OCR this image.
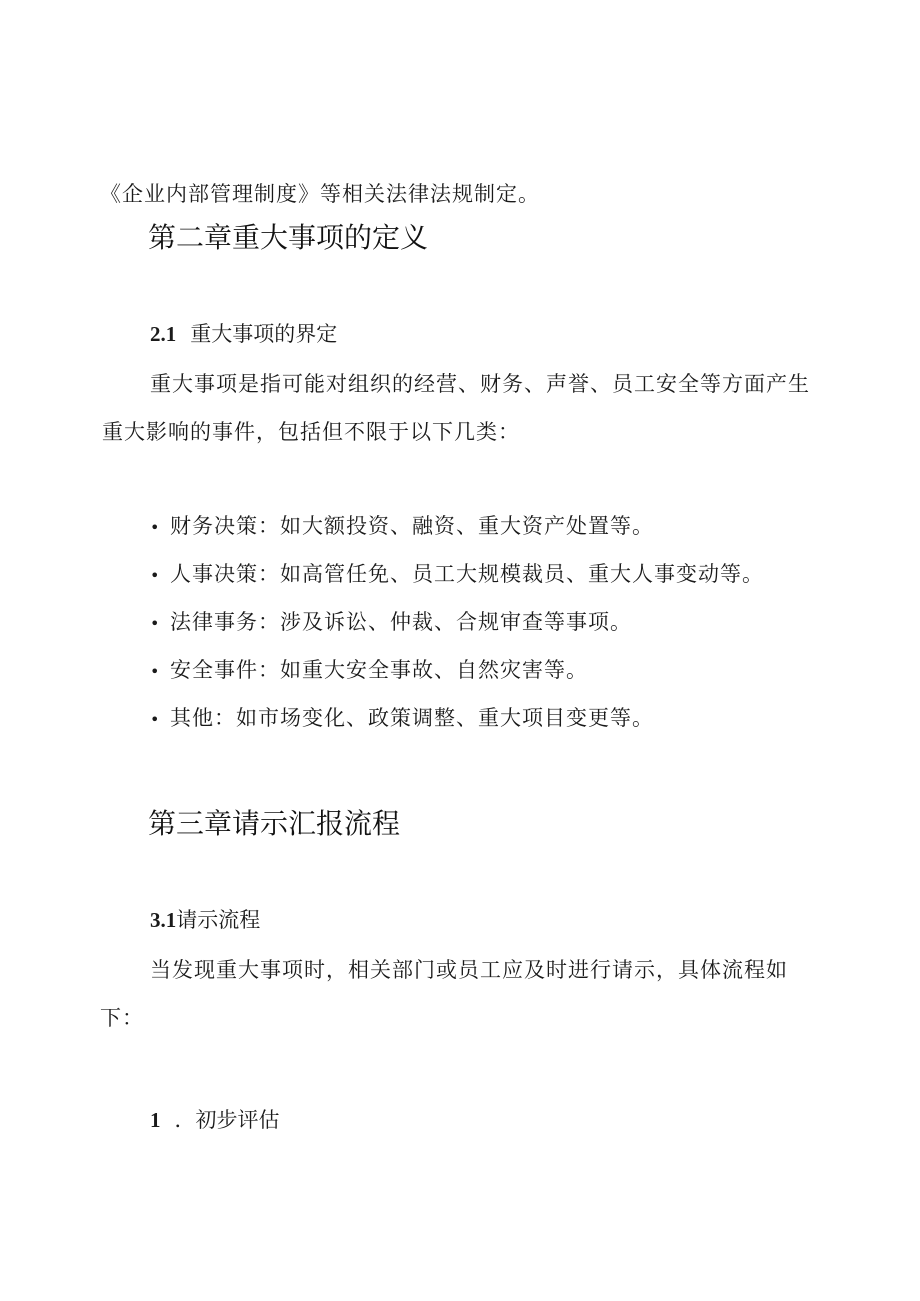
《企业内部管理制度》等相关法律法规制定。
第二章重大事项的定义
2.1 重大事项的界定
重大事项是指可能对组织的经营、财务、声誉、员工安全等方面产生
重大影响的事件，包括但不限于以下几类：
• 财务决策：如大额投资、融资、重大资产处置等。
• 人事决策：如高管任免、员工大规模裁员、重大人事变动等。
• 法律事务：涉及诉讼、仲裁、合规审查等事项。
• 安全事件：如重大安全事故、自然灾害等。
• 其他：如市场变化、政策调整、重大项目变更等。
第三章请示汇报流程
3.1请示流程
当发现重大事项时，相关部门或员工应及时进行请示，具体流程如
下：
1 ．初步评估
